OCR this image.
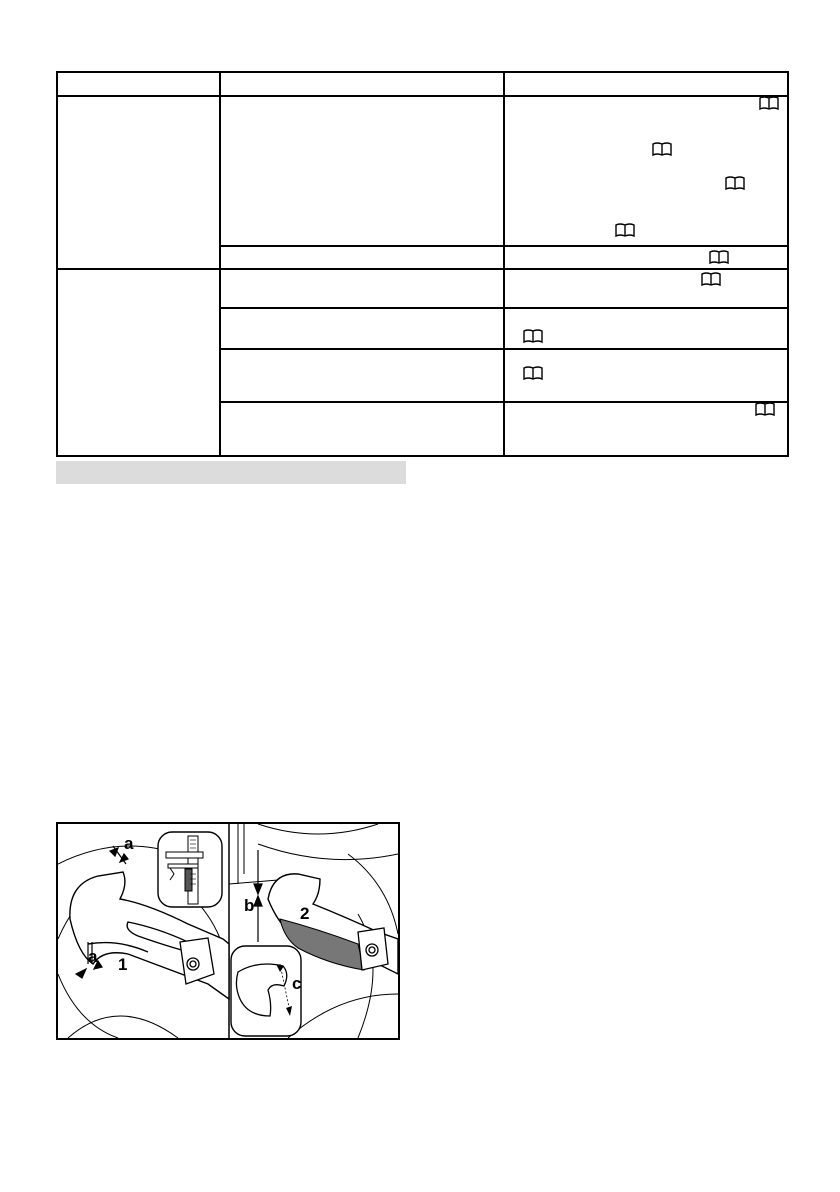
a
a 1
b	2
c
